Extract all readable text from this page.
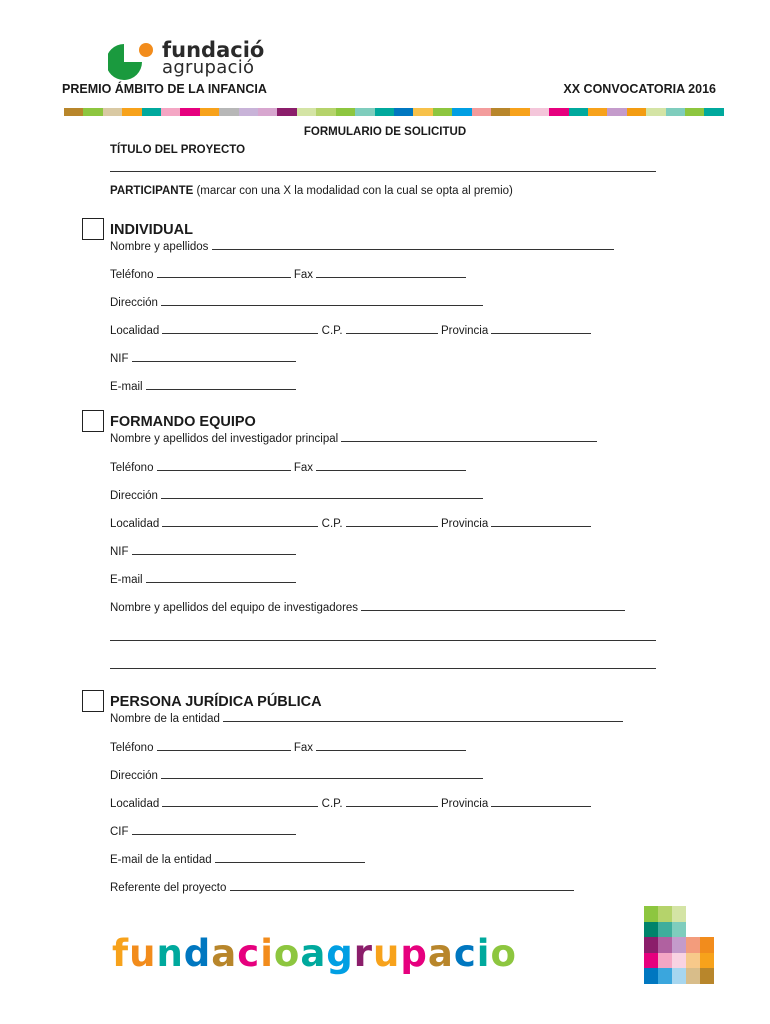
fundació
agrupació
PREMIO ÁMBITO DE LA INFANCIA	XX CONVOCATORIA 2016
FORMULARIO DE SOLICITUD
TÍTULO DEL PROYECTO
PARTICIPANTE (marcar con una X la modalidad con la cual se opta al premio)
INDIVIDUAL
Nombre y apellidos
Teléfono	Fax
Dirección
Localidad	C.P.	Provincia
NIF
E-mail
FORMANDO EQUIPO
Nombre y apellidos del investigador principal
Teléfono	Fax
Dirección
Localidad	C.P.	Provincia
NIF
E-mail
Nombre y apellidos del equipo de investigadores
PERSONA JURÍDICA PÚBLICA
Nombre de la entidad
Teléfono	Fax
Dirección
Localidad	C.P.	Provincia
CIF
E-mail de la entidad
Referente del proyecto
fundacioagrupacio
